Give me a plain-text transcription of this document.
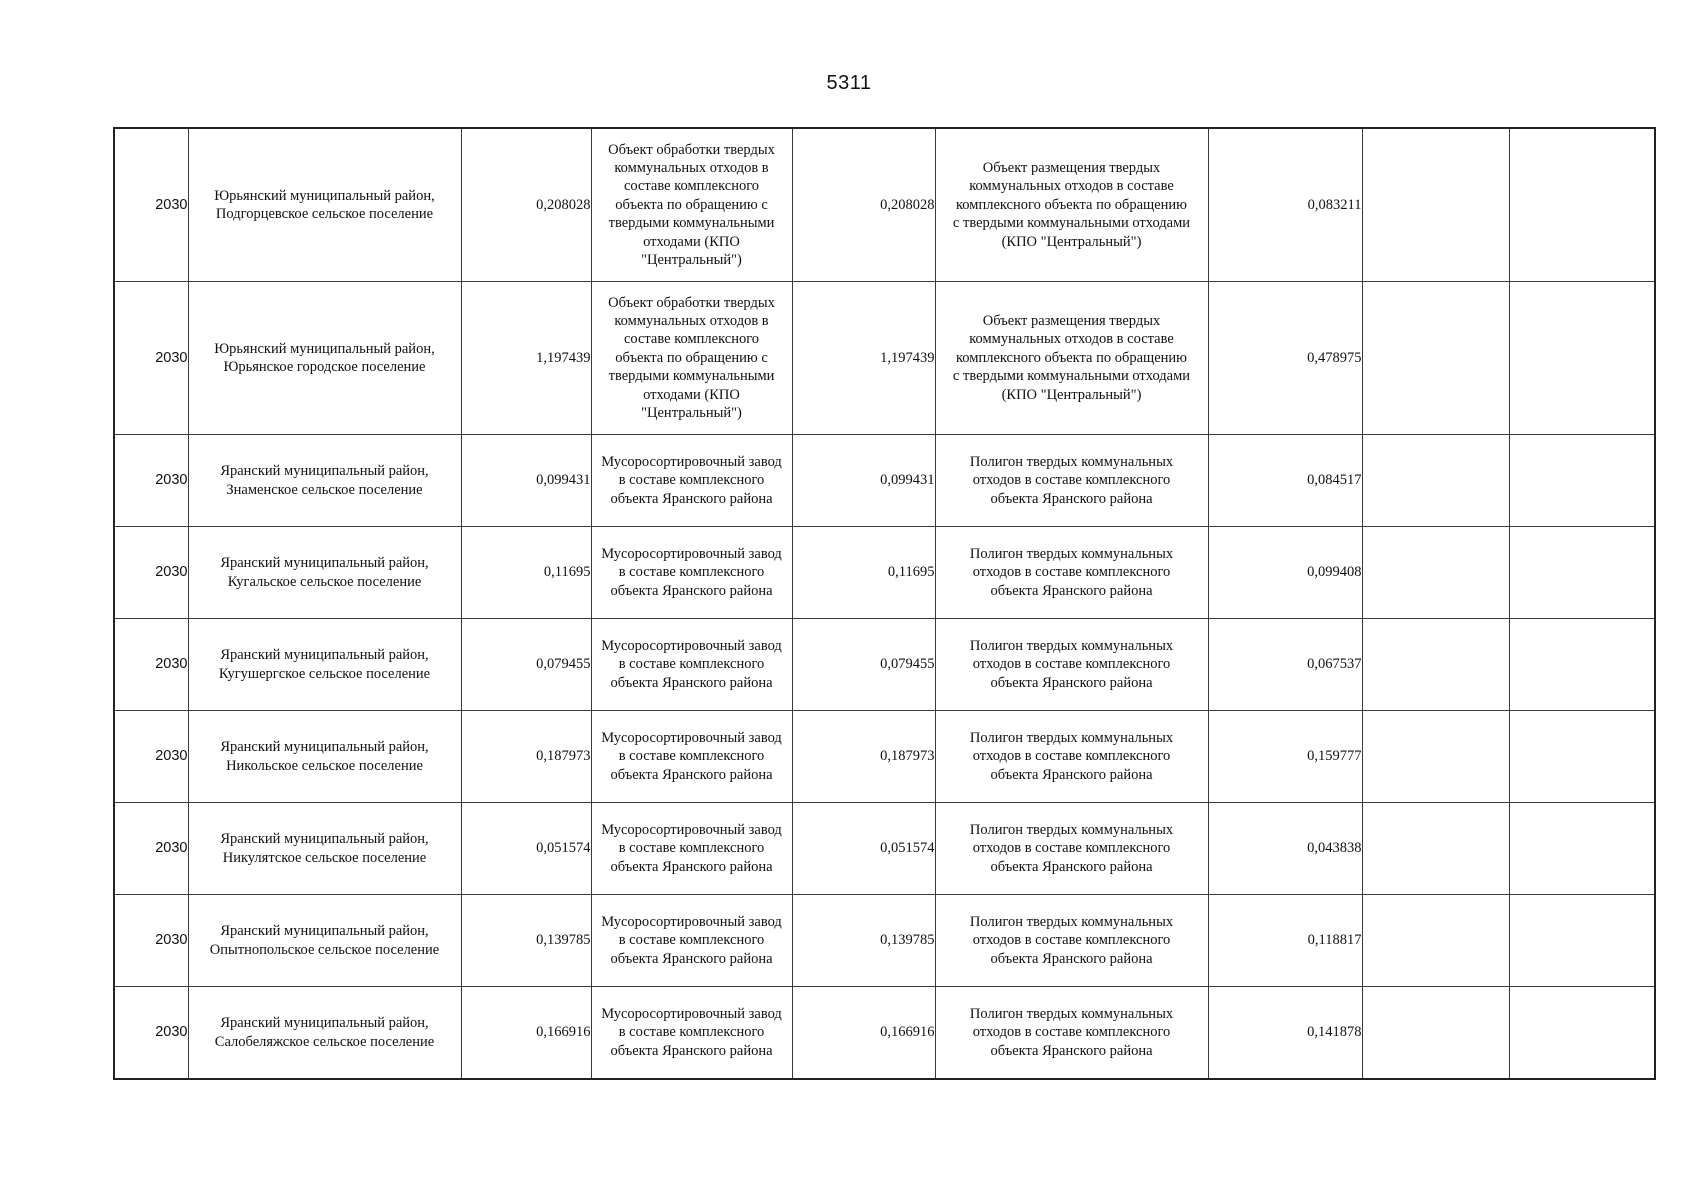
5311
2030	Юрьянский муниципальный район, Подгорцевское сельское поселение	0,208028	Объект обработки твердых коммунальных отходов в составе комплексного объекта по обращению с твердыми коммунальными отходами (КПО "Центральный")	0,208028	Объект размещения твердых коммунальных отходов в составе комплексного объекта по обращению с твердыми коммунальными отходами (КПО "Центральный")	0,083211		
2030	Юрьянский муниципальный район, Юрьянское городское поселение	1,197439	Объект обработки твердых коммунальных отходов в составе комплексного объекта по обращению с твердыми коммунальными отходами (КПО "Центральный")	1,197439	Объект размещения твердых коммунальных отходов в составе комплексного объекта по обращению с твердыми коммунальными отходами (КПО "Центральный")	0,478975		
2030	Яранский муниципальный район, Знаменское сельское поселение	0,099431	Мусоросортировочный завод в составе комплексного объекта Яранского района	0,099431	Полигон твердых коммунальных отходов в составе комплексного объекта Яранского района	0,084517		
2030	Яранский муниципальный район, Кугальское сельское поселение	0,11695	Мусоросортировочный завод в составе комплексного объекта Яранского района	0,11695	Полигон твердых коммунальных отходов в составе комплексного объекта Яранского района	0,099408		
2030	Яранский муниципальный район, Кугушергское сельское поселение	0,079455	Мусоросортировочный завод в составе комплексного объекта Яранского района	0,079455	Полигон твердых коммунальных отходов в составе комплексного объекта Яранского района	0,067537		
2030	Яранский муниципальный район, Никольское сельское поселение	0,187973	Мусоросортировочный завод в составе комплексного объекта Яранского района	0,187973	Полигон твердых коммунальных отходов в составе комплексного объекта Яранского района	0,159777		
2030	Яранский муниципальный район, Никулятское сельское поселение	0,051574	Мусоросортировочный завод в составе комплексного объекта Яранского района	0,051574	Полигон твердых коммунальных отходов в составе комплексного объекта Яранского района	0,043838		
2030	Яранский муниципальный район, Опытнопольское сельское поселение	0,139785	Мусоросортировочный завод в составе комплексного объекта Яранского района	0,139785	Полигон твердых коммунальных отходов в составе комплексного объекта Яранского района	0,118817		
2030	Яранский муниципальный район, Салобеляжское сельское поселение	0,166916	Мусоросортировочный завод в составе комплексного объекта Яранского района	0,166916	Полигон твердых коммунальных отходов в составе комплексного объекта Яранского района	0,141878		
